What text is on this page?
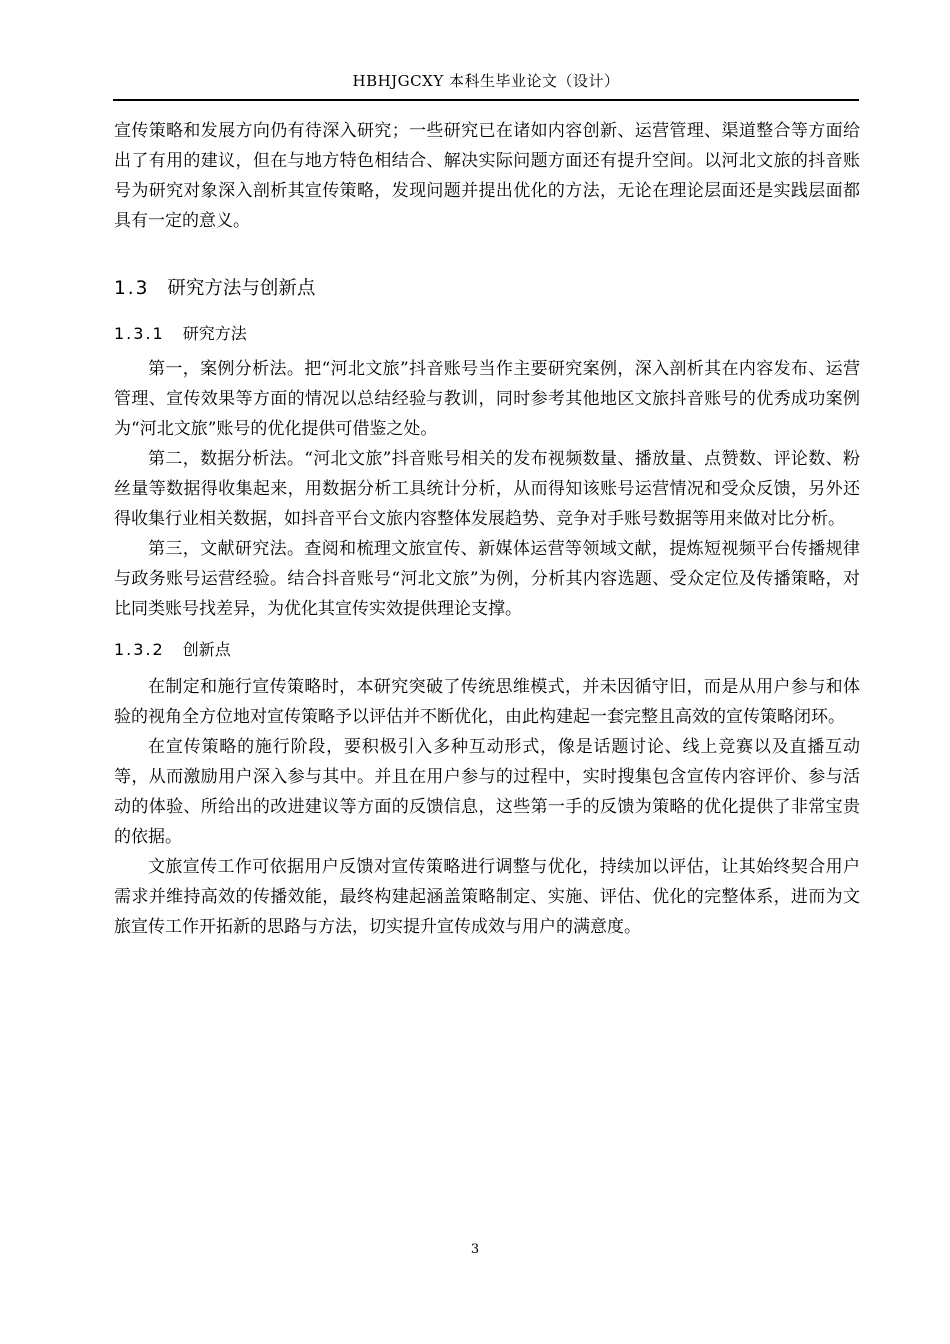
HBHJGCXY 本科生毕业论文（设计）

宣传策略和发展方向仍有待深入研究；一些研究已在诸如内容创新、运营管理、渠道整合等方面给出了有用的建议，但在与地方特色相结合、解决实际问题方面还有提升空间。以河北文旅的抖音账号为研究对象深入剖析其宣传策略，发现问题并提出优化的方法，无论在理论层面还是实践层面都具有一定的意义。

1.3 研究方法与创新点
1.3.1 研究方法

第一，案例分析法。把“河北文旅”抖音账号当作主要研究案例，深入剖析其在内容发布、运营管理、宣传效果等方面的情况以总结经验与教训，同时参考其他地区文旅抖音账号的优秀成功案例为“河北文旅”账号的优化提供可借鉴之处。

第二，数据分析法。“河北文旅”抖音账号相关的发布视频数量、播放量、点赞数、评论数、粉丝量等数据得收集起来，用数据分析工具统计分析，从而得知该账号运营情况和受众反馈，另外还得收集行业相关数据，如抖音平台文旅内容整体发展趋势、竞争对手账号数据等用来做对比分析。

第三，文献研究法。查阅和梳理文旅宣传、新媒体运营等领域文献，提炼短视频平台传播规律与政务账号运营经验。结合抖音账号“河北文旅”为例，分析其内容选题、受众定位及传播策略，对比同类账号找差异，为优化其宣传实效提供理论支撑。

1.3.2 创新点

在制定和施行宣传策略时，本研究突破了传统思维模式，并未因循守旧，而是从用户参与和体验的视角全方位地对宣传策略予以评估并不断优化，由此构建起一套完整且高效的宣传策略闭环。

在宣传策略的施行阶段，要积极引入多种互动形式，像是话题讨论、线上竞赛以及直播互动等，从而激励用户深入参与其中。并且在用户参与的过程中，实时搜集包含宣传内容评价、参与活动的体验、所给出的改进建议等方面的反馈信息，这些第一手的反馈为策略的优化提供了非常宝贵的依据。

文旅宣传工作可依据用户反馈对宣传策略进行调整与优化，持续加以评估，让其始终契合用户需求并维持高效的传播效能，最终构建起涵盖策略制定、实施、评估、优化的完整体系，进而为文旅宣传工作开拓新的思路与方法，切实提升宣传成效与用户的满意度。

3
